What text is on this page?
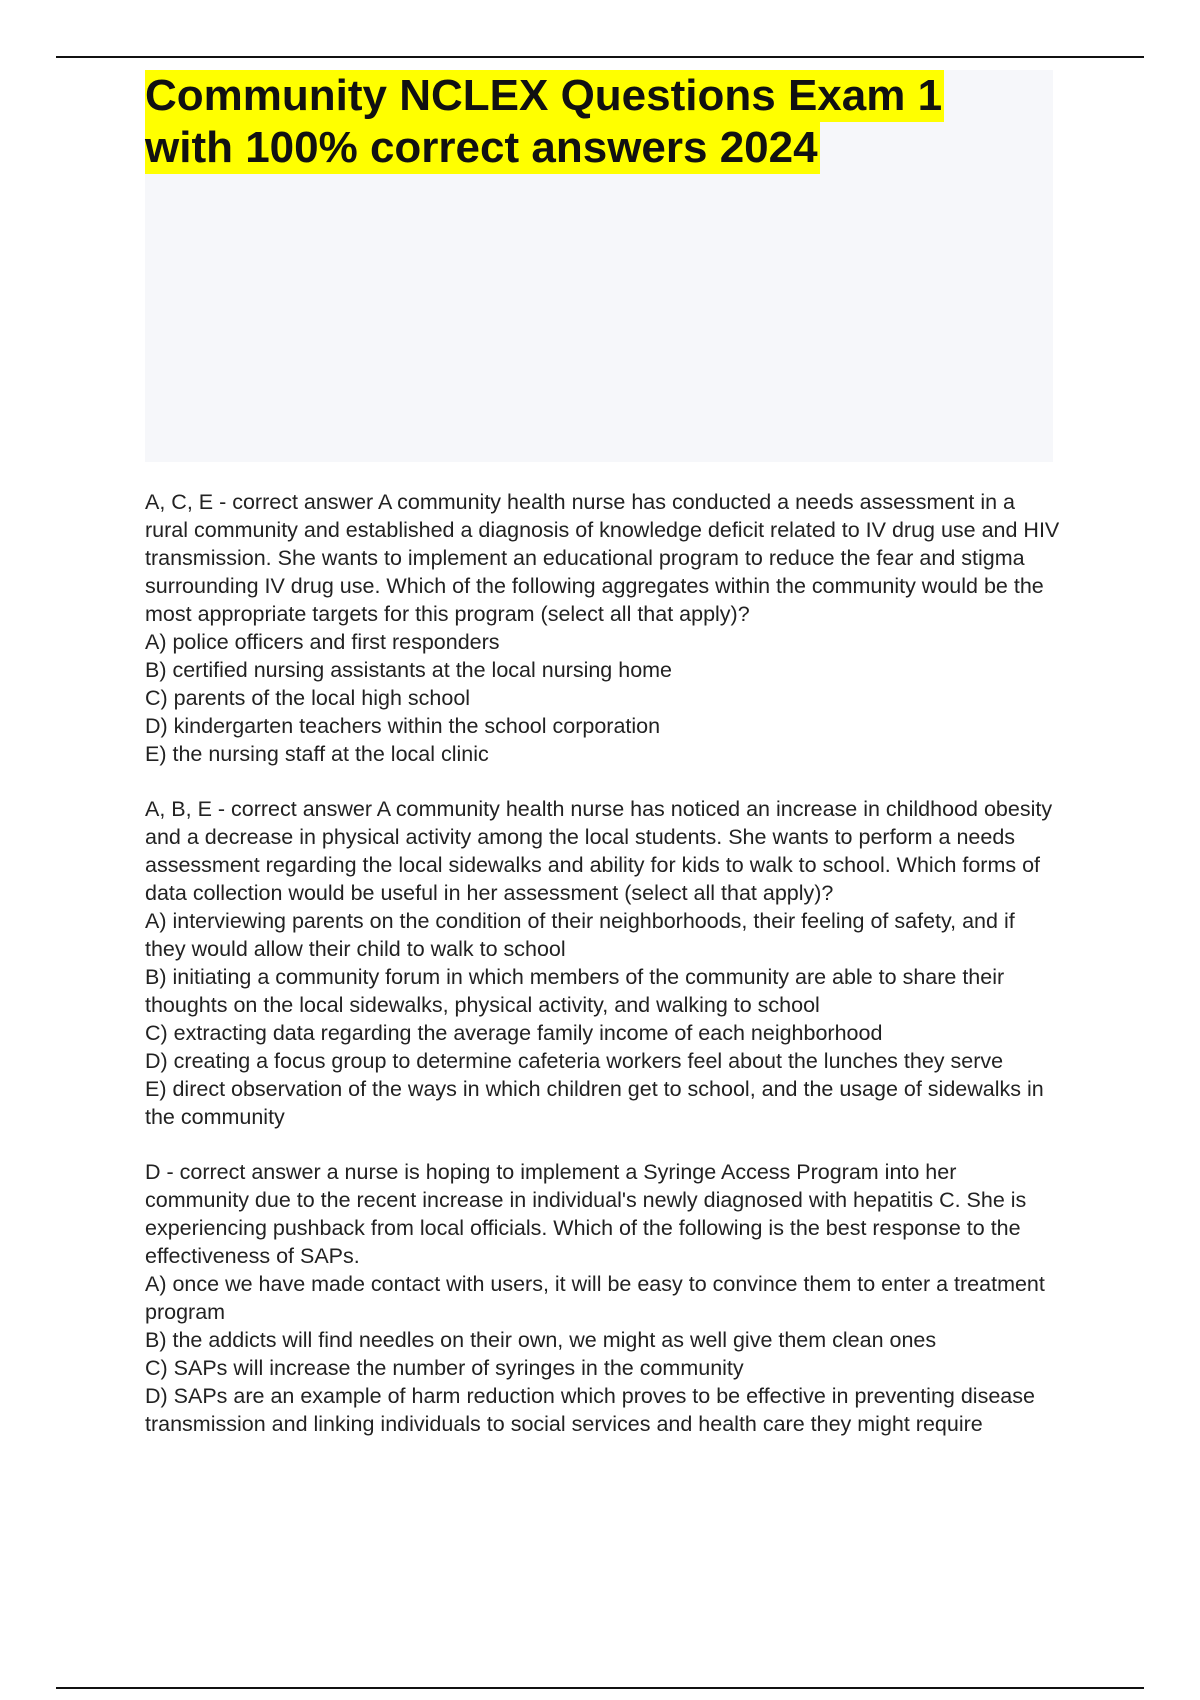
Community NCLEX Questions Exam 1
with 100% correct answers 2024
A, C, E - correct answer A community health nurse has conducted a needs assessment in a rural community and established a diagnosis of knowledge deficit related to IV drug use and HIV transmission. She wants to implement an educational program to reduce the fear and stigma surrounding IV drug use. Which of the following aggregates within the community would be the most appropriate targets for this program (select all that apply)?
A) police officers and first responders
B) certified nursing assistants at the local nursing home
C) parents of the local high school
D) kindergarten teachers within the school corporation
E) the nursing staff at the local clinic
A, B, E - correct answer A community health nurse has noticed an increase in childhood obesity and a decrease in physical activity among the local students. She wants to perform a needs assessment regarding the local sidewalks and ability for kids to walk to school. Which forms of data collection would be useful in her assessment (select all that apply)?
A) interviewing parents on the condition of their neighborhoods, their feeling of safety, and if they would allow their child to walk to school
B) initiating a community forum in which members of the community are able to share their thoughts on the local sidewalks, physical activity, and walking to school
C) extracting data regarding the average family income of each neighborhood
D) creating a focus group to determine cafeteria workers feel about the lunches they serve
E) direct observation of the ways in which children get to school, and the usage of sidewalks in the community
D - correct answer a nurse is hoping to implement a Syringe Access Program into her community due to the recent increase in individual's newly diagnosed with hepatitis C. She is experiencing pushback from local officials. Which of the following is the best response to the effectiveness of SAPs.
A) once we have made contact with users, it will be easy to convince them to enter a treatment program
B) the addicts will find needles on their own, we might as well give them clean ones
C) SAPs will increase the number of syringes in the community
D) SAPs are an example of harm reduction which proves to be effective in preventing disease transmission and linking individuals to social services and health care they might require
